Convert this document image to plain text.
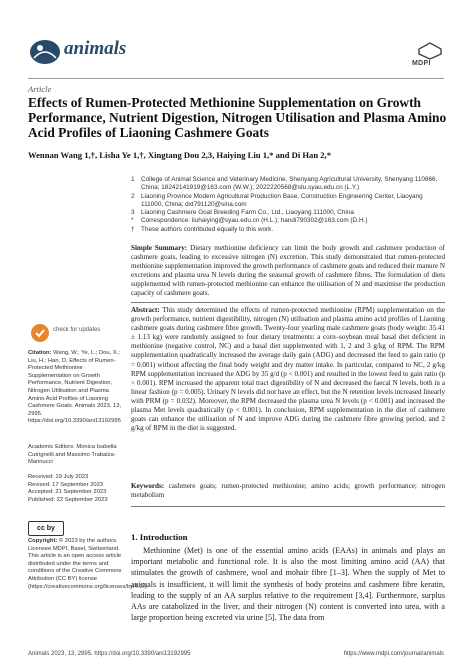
animals
MDPI
Article
Effects of Rumen-Protected Methionine Supplementation on Growth Performance, Nutrient Digestion, Nitrogen Utilisation and Plasma Amino Acid Profiles of Liaoning Cashmere Goats
Wennan Wang 1,†, Lisha Ye 1,†, Xingtang Dou 2,3, Haiying Liu 1,* and Di Han 2,*
1	College of Animal Science and Veterinary Medicine, Shenyang Agricultural University, Shenyang 110866, China; 18242141919@163.com (W.W.); 2022220568@stu.syau.edu.cn (L.Y.)
2	Liaoning Province Modern Agricultural Production Base, Construction Engineering Center, Liaoyang 111000, China; dxt791120@sina.com
3	Liaoning Cashmere Goat Breeding Farm Co., Ltd., Liaoyang 111000, China
*	Correspondence: liuhaiying@syau.edu.cn (H.L.); handi790302@163.com (D.H.)
†	These authors contributed equally to this work.
Simple Summary: Dietary methionine deficiency can limit the body growth and cashmere production of cashmere goats, leading to excessive nitrogen (N) excretion. This study demonstrated that rumen-protected methionine supplementation improved the growth performance of cashmere goats and reduced their manure N excretions and plasma urea N levels during the seasonal growth of cashmere fibres. The formulation of diets supplemented with rumen-protected methionine can enhance the utilisation of N and maximise the production capacity of cashmere goats.
Abstract: This study determined the effects of rumen-protected methionine (RPM) supplementation on the growth performance, nutrient digestibility, nitrogen (N) utilisation and plasma amino acid profiles of Liaoning cashmere goats during cashmere fibre growth. Twenty-four yearling male cashmere goats (body weight: 35.41 ± 1.13 kg) were randomly assigned to four dietary treatments: a corn–soybean meal basal diet deficient in methionine (negative control, NC) and a basal diet supplemented with 1, 2 and 3 g/kg of RPM. The RPM supplementation quadratically increased the average daily gain (ADG) and decreased the feed to gain ratio (p = 0.001) without affecting the final body weight and dry matter intake. In particular, compared to NC, 2 g/kg RPM supplementation increased the ADG by 35 g/d (p < 0.001) and resulted in the lowest feed to gain ratio (p < 0.001). RPM increased the apparent total tract digestibility of N and decreased the faecal N levels, both in a linear fashion (p = 0.005). Urinary N levels did not have an effect, but the N retention levels increased linearly with PRM (p = 0.032). Moreover, the RPM decreased the plasma urea N levels (p < 0.001) and increased the plasma Met levels quadratically (p < 0.001). In conclusion, RPM supplementation in the diet of cashmere goats can enhance the utilisation of N and improve ADG during the cashmere fibre growing period, and 2 g/kg of RPM in the diet is suggested.
Keywords: cashmere goats; rumen-protected methionine; amino acids; growth performance; nitrogen metabolism
check for updates
Citation: Wang, W.; Ye, L.; Dou, X.; Liu, H.; Han, D. Effects of Rumen-Protected Methionine Supplementation on Growth Performance, Nutrient Digestion, Nitrogen Utilisation and Plasma Amino Acid Profiles of Liaoning Cashmere Goats. Animals 2023, 13, 2995. https://doi.org/10.3390/ani13192995
Academic Editors: Monica Isabella Cutrignelli and Massimo Trabalza-Marinucci
Received: 19 July 2023
Revised: 17 September 2023
Accepted: 21 September 2023
Published: 22 September 2023
cc by
Copyright: © 2023 by the authors. Licensee MDPI, Basel, Switzerland. This article is an open access article distributed under the terms and conditions of the Creative Commons Attribution (CC BY) license (https://creativecommons.org/licenses/by/4.0/).
1. Introduction
Methionine (Met) is one of the essential amino acids (EAAs) in animals and plays an important metabolic and functional role. It is also the most limiting amino acid (AA) that stimulates the growth of cashmere, wool and mohair fibre [1–3]. When the supply of Met to animals is insufficient, it will limit the synthesis of body proteins and cashmere fibre keratin, leading to the supply of an AA surplus relative to the requirement [3,4]. Furthermore, surplus AAs are catabolized in the liver, and their nitrogen (N) content is converted into urea, with a large proportion being excreted via urine [5]. The data from
Animals 2023, 13, 2995. https://doi.org/10.3390/ani13192995	https://www.mdpi.com/journal/animals
